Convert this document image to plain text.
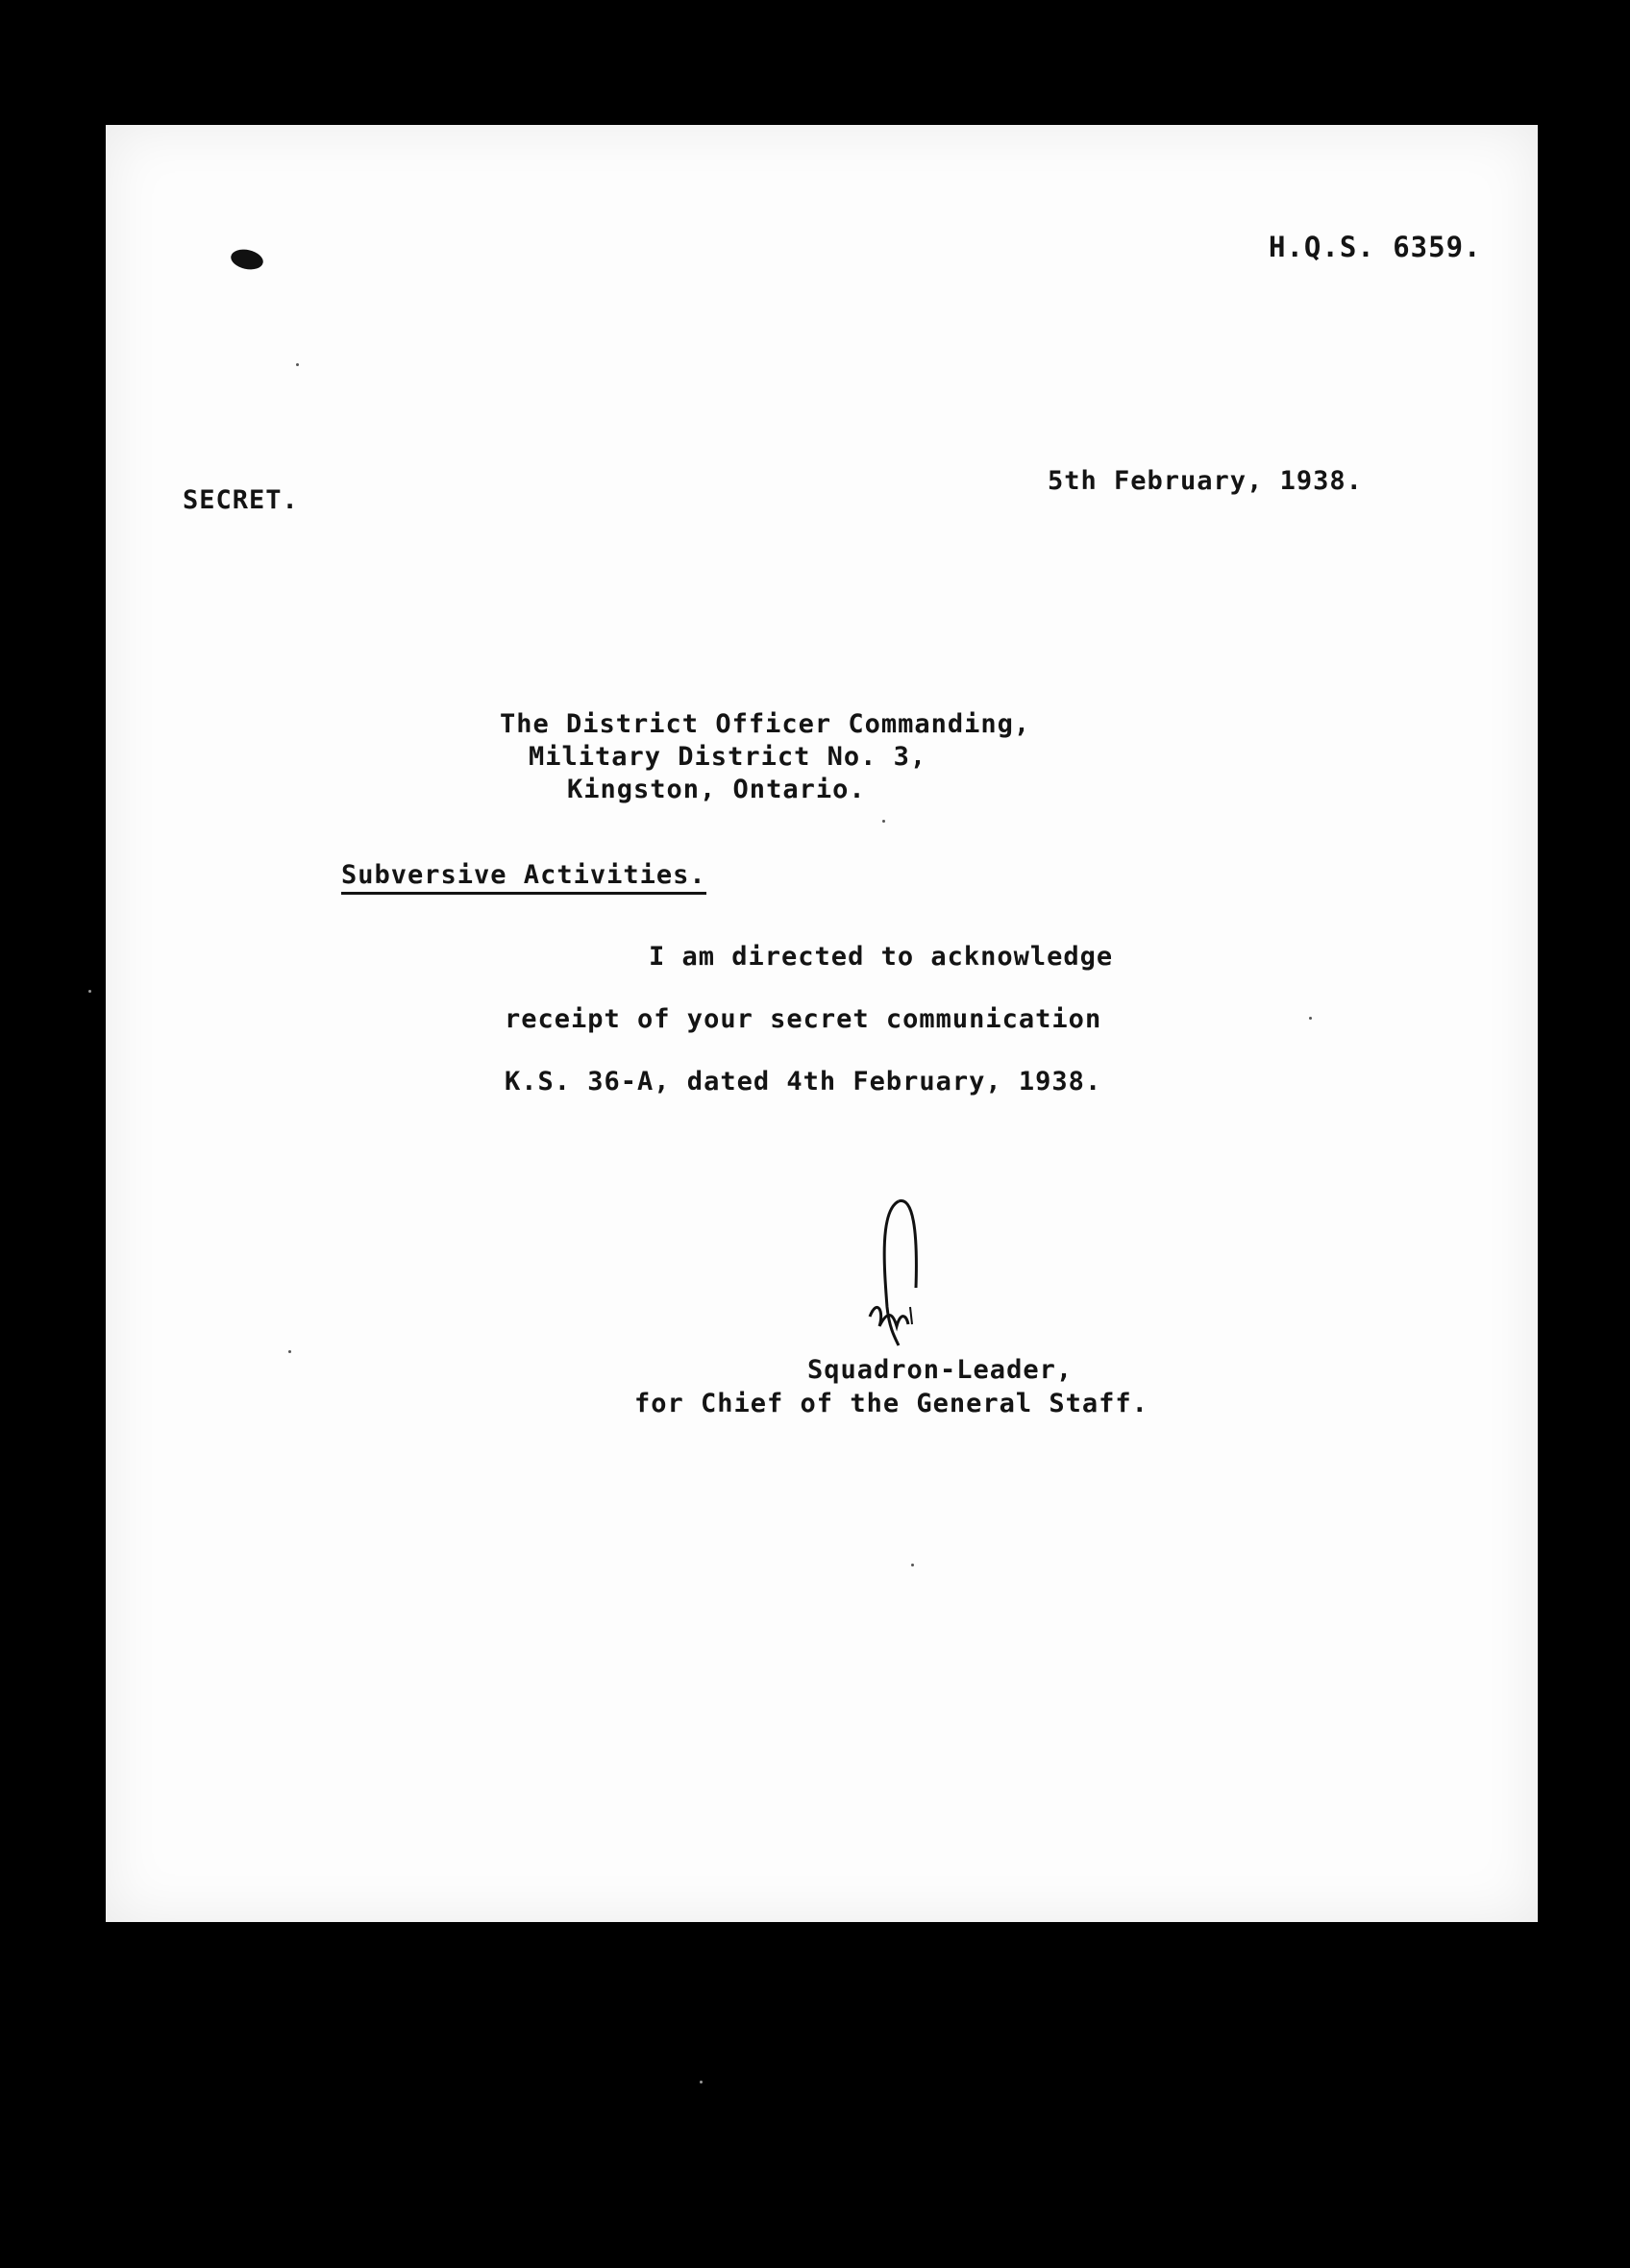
H.Q.S. 6359.
SECRET.
5th February, 1938.
The District Officer Commanding,
Military District No. 3,
Kingston, Ontario.
Subversive Activities.
I am directed to acknowledge
receipt of your secret communication
K.S. 36-A, dated 4th February, 1938.
Squadron-Leader,
for Chief of the General Staff.
